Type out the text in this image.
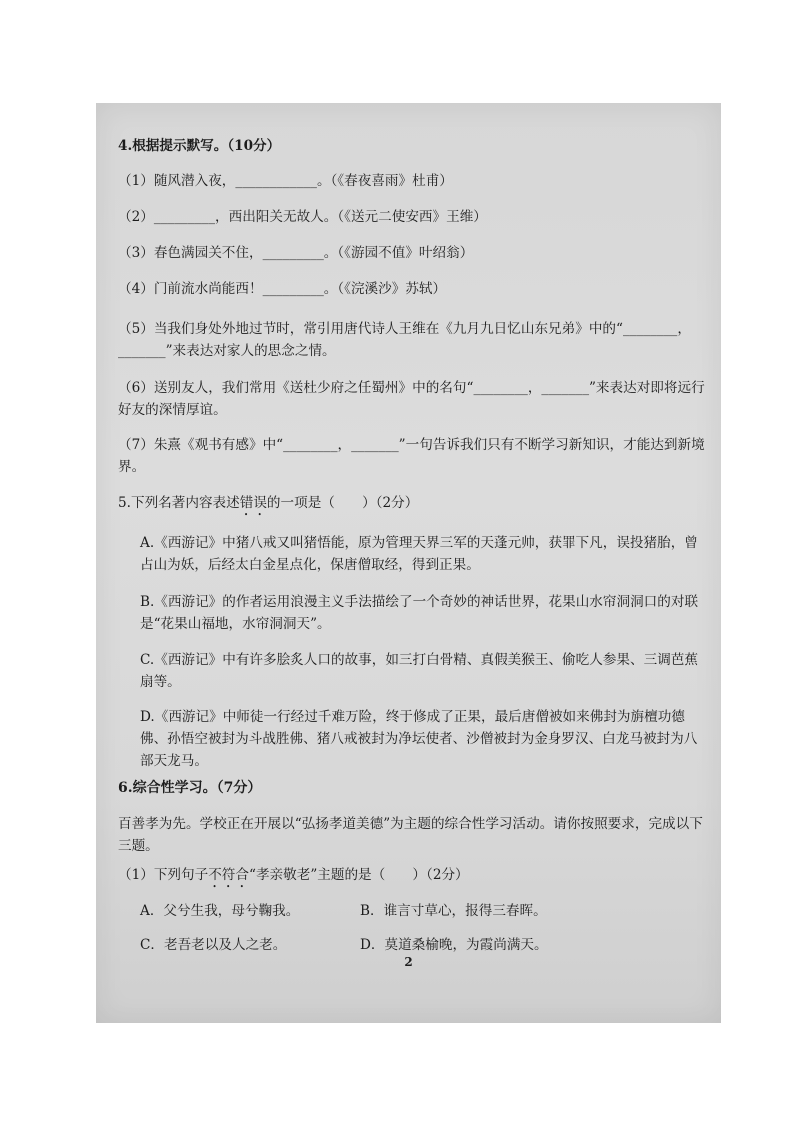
4.根据提示默写。（10分）
（1）随风潜入夜，____________。（《春夜喜雨》杜甫）
（2）_________，西出阳关无故人。（《送元二使安西》王维）
（3）春色满园关不住，_________。（《游园不值》叶绍翁）
（4）门前流水尚能西！_________。（《浣溪沙》苏轼）
（5）当我们身处外地过节时，常引用唐代诗人王维在《九月九日忆山东兄弟》中的“________，_______”来表达对家人的思念之情。
（6）送别友人，我们常用《送杜少府之任蜀州》中的名句“________，_______”来表达对即将远行好友的深情厚谊。
（7）朱熹《观书有感》中“________，_______”一句告诉我们只有不断学习新知识，才能达到新境界。
5.下列名著内容表述错误的一项是（　　）（2分）
A.《西游记》中猪八戒又叫猪悟能，原为管理天界三军的天蓬元帅，获罪下凡，误投猪胎，曾占山为妖，后经太白金星点化，保唐僧取经，得到正果。
B.《西游记》的作者运用浪漫主义手法描绘了一个奇妙的神话世界，花果山水帘洞洞口的对联是“花果山福地，水帘洞洞天”。
C.《西游记》中有许多脍炙人口的故事，如三打白骨精、真假美猴王、偷吃人参果、三调芭蕉扇等。
D.《西游记》中师徒一行经过千难万险，终于修成了正果，最后唐僧被如来佛封为旃檀功德佛、孙悟空被封为斗战胜佛、猪八戒被封为净坛使者、沙僧被封为金身罗汉、白龙马被封为八部天龙马。
6.综合性学习。（7分）
百善孝为先。学校正在开展以“弘扬孝道美德”为主题的综合性学习活动。请你按照要求，完成以下三题。
（1）下列句子不符合“孝亲敬老”主题的是（　　）（2分）
A．父兮生我，母兮鞠我。	B．谁言寸草心，报得三春晖。
C．老吾老以及人之老。	D．莫道桑榆晚，为霞尚满天。
2
